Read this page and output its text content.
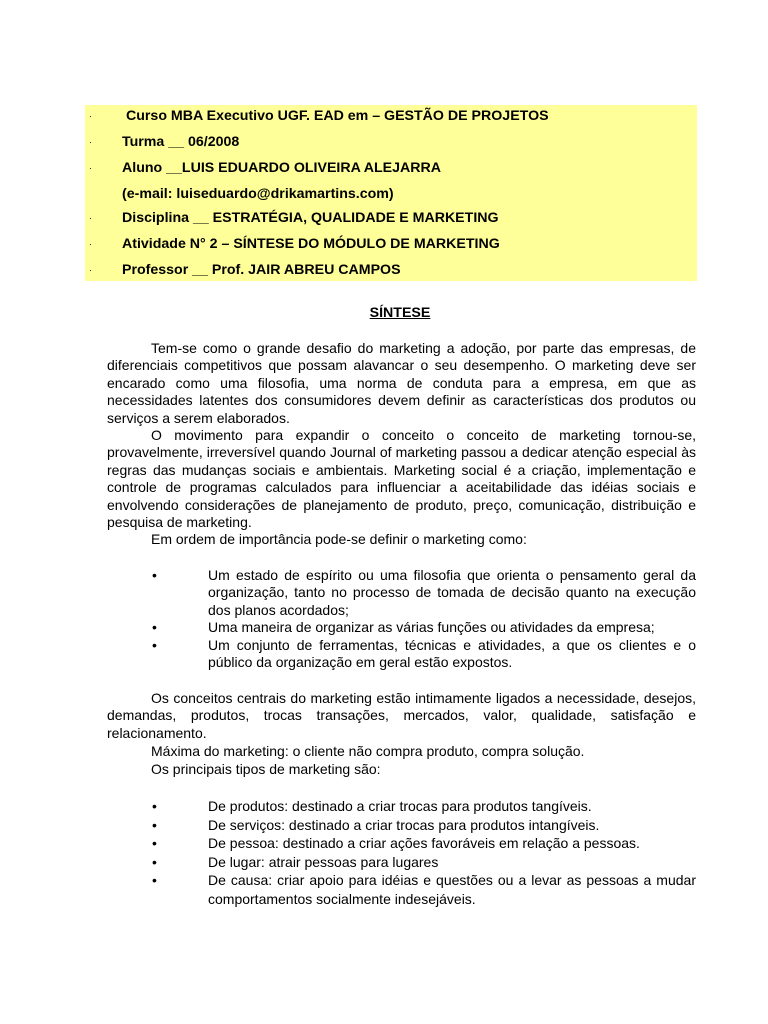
· Curso MBA Executivo UGF. EAD em – GESTÃO DE PROJETOS
· Turma __ 06/2008
· Aluno __LUIS EDUARDO OLIVEIRA ALEJARRA
(e-mail: luiseduardo@drikamartins.com)
· Disciplina __ ESTRATÉGIA, QUALIDADE E MARKETING
· Atividade N° 2 – SÍNTESE DO MÓDULO DE MARKETING
· Professor __ Prof. JAIR ABREU CAMPOS
SÍNTESE
Tem-se como o grande desafio do marketing a adoção, por parte das empresas, de diferenciais competitivos que possam alavancar o seu desempenho. O marketing deve ser encarado como uma filosofia, uma norma de conduta para a empresa, em que as necessidades latentes dos consumidores devem definir as características dos produtos ou serviços a serem elaborados.
O movimento para expandir o conceito o conceito de marketing tornou-se, provavelmente, irreversível quando Journal of marketing passou a dedicar atenção especial às regras das mudanças sociais e ambientais. Marketing social é a criação, implementação e controle de programas calculados para influenciar a aceitabilidade das idéias sociais e envolvendo considerações de planejamento de produto, preço, comunicação, distribuição e pesquisa de marketing.
Em ordem de importância pode-se definir o marketing como:
•	Um estado de espírito ou uma filosofia que orienta o pensamento geral da organização, tanto no processo de tomada de decisão quanto na execução dos planos acordados;
•	Uma maneira de organizar as várias funções ou atividades da empresa;
•	Um conjunto de ferramentas, técnicas e atividades, a que os clientes e o público da organização em geral estão expostos.
Os conceitos centrais do marketing estão intimamente ligados a necessidade, desejos, demandas, produtos, trocas transações, mercados, valor, qualidade, satisfação e relacionamento.
Máxima do marketing: o cliente não compra produto, compra solução.
Os principais tipos de marketing são:
•	De produtos: destinado a criar trocas para produtos tangíveis.
•	De serviços: destinado a criar trocas para produtos intangíveis.
•	De pessoa: destinado a criar ações favoráveis em relação a pessoas.
•	De lugar: atrair pessoas para lugares
•	De causa: criar apoio para idéias e questões ou a levar as pessoas a mudar comportamentos socialmente indesejáveis.
